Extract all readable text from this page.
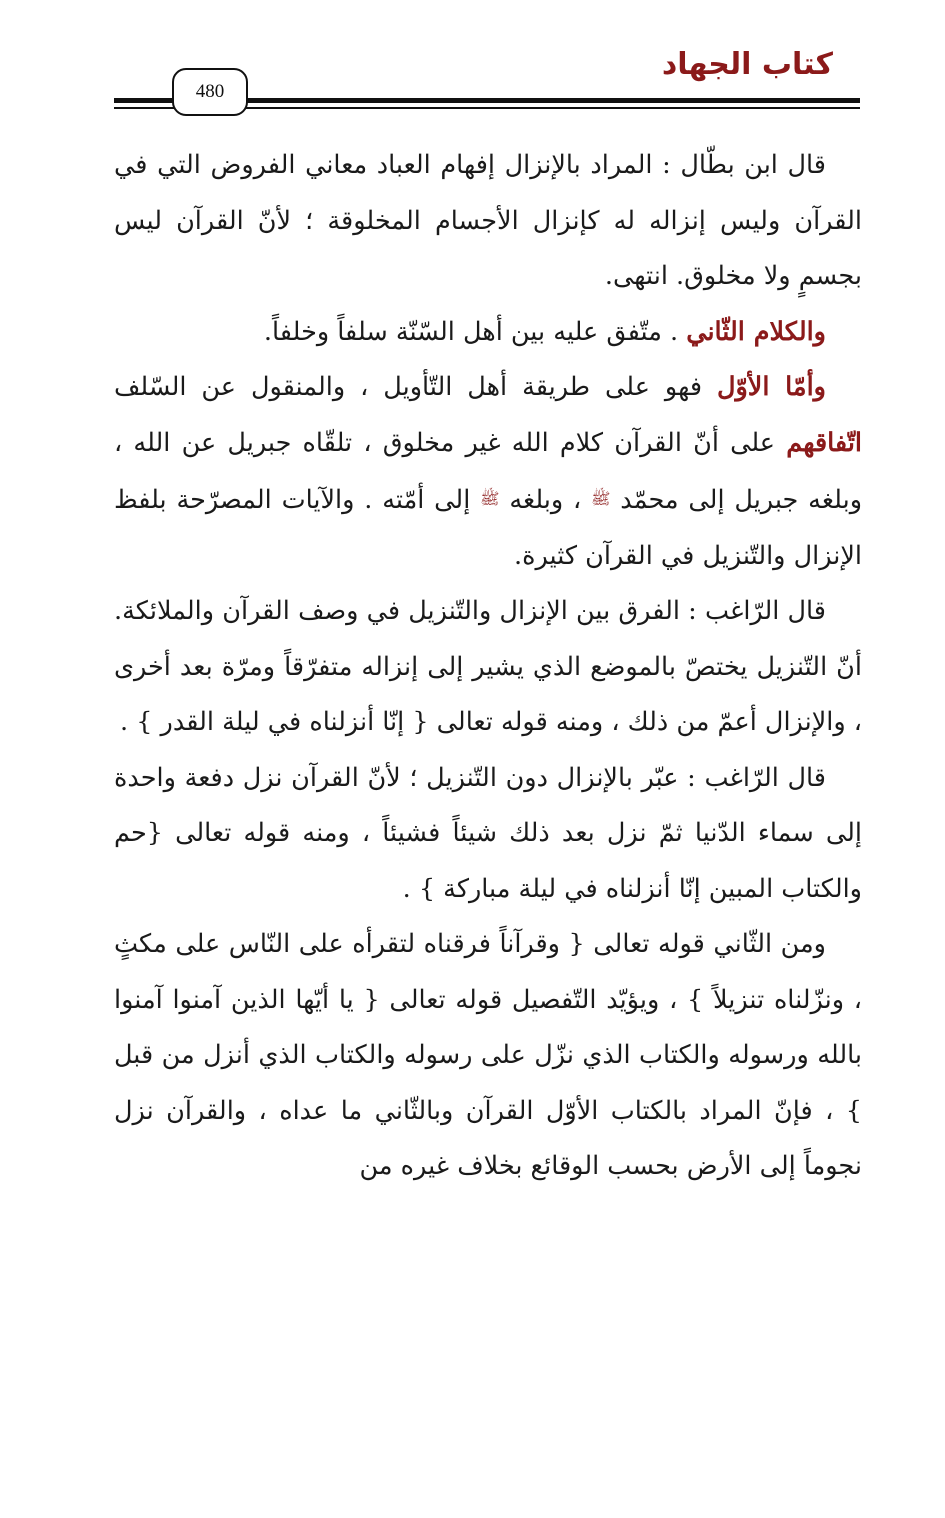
كتاب الجهاد
480

قال ابن بطّال : المراد بالإنزال إفهام العباد معاني الفروض التي في القرآن وليس إنزاله له كإنزال الأجسام المخلوقة ؛ لأنّ القرآن ليس بجسمٍ ولا مخلوق. انتهى.

والكلام الثّاني . متّفق عليه بين أهل السّنّة سلفاً وخلفاً.

وأمّا الأوّل فهو على طريقة أهل التّأويل ، والمنقول عن السّلف اتّفاقهم على أنّ القرآن كلام الله غير مخلوق ، تلقّاه جبريل عن الله ، وبلغه جبريل إلى محمّد ﷺ ، وبلغه ﷺ إلى أمّته . والآيات المصرّحة بلفظ الإنزال والتّنزيل في القرآن كثيرة.

قال الرّاغب : الفرق بين الإنزال والتّنزيل في وصف القرآن والملائكة. أنّ التّنزيل يختصّ بالموضع الذي يشير إلى إنزاله متفرّقاً ومرّة بعد أخرى ، والإنزال أعمّ من ذلك ، ومنه قوله تعالى { إنّا أنزلناه في ليلة القدر } .

قال الرّاغب : عبّر بالإنزال دون التّنزيل ؛ لأنّ القرآن نزل دفعة واحدة إلى سماء الدّنيا ثمّ نزل بعد ذلك شيئاً فشيئاً ، ومنه قوله تعالى {حم والكتاب المبين إنّا أنزلناه في ليلة مباركة } .

ومن الثّاني قوله تعالى { وقرآناً فرقناه لتقرأه على النّاس على مكثٍ ، ونزّلناه تنزيلاً } ، ويؤيّد التّفصيل قوله تعالى { يا أيّها الذين آمنوا آمنوا بالله ورسوله والكتاب الذي نزّل على رسوله والكتاب الذي أنزل من قبل } ، فإنّ المراد بالكتاب الأوّل القرآن وبالثّاني ما عداه ، والقرآن نزل نجوماً إلى الأرض بحسب الوقائع بخلاف غيره من
